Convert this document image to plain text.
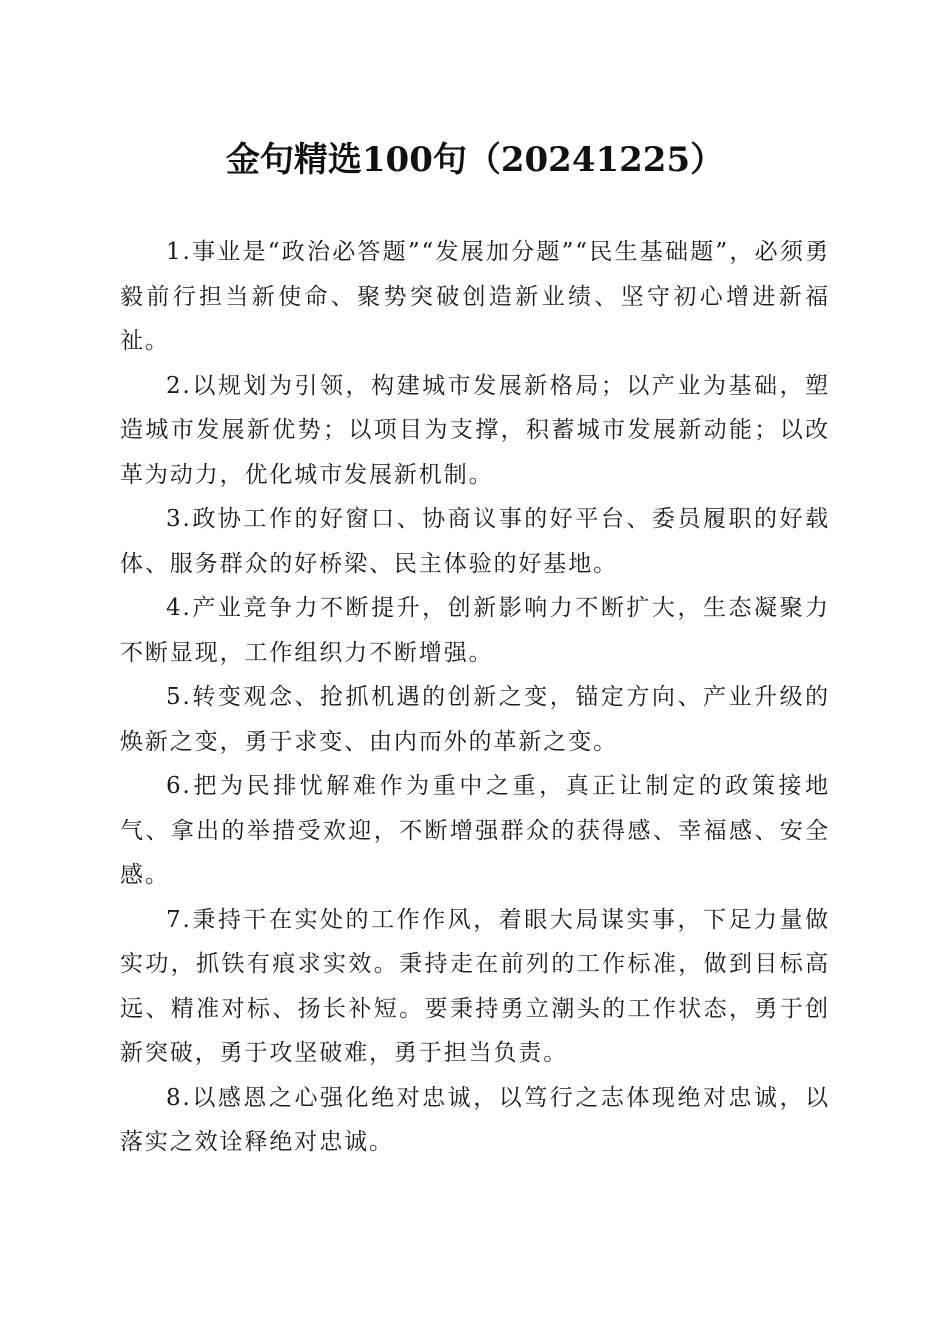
金句精选100句（20241225）

1.事业是“政治必答题”“发展加分题”“民生基础题”，必须勇毅前行担当新使命、聚势突破创造新业绩、坚守初心增进新福祉。

2.以规划为引领，构建城市发展新格局；以产业为基础，塑造城市发展新优势；以项目为支撑，积蓄城市发展新动能；以改革为动力，优化城市发展新机制。

3.政协工作的好窗口、协商议事的好平台、委员履职的好载体、服务群众的好桥梁、民主体验的好基地。

4.产业竞争力不断提升，创新影响力不断扩大，生态凝聚力不断显现，工作组织力不断增强。

5.转变观念、抢抓机遇的创新之变，锚定方向、产业升级的焕新之变，勇于求变、由内而外的革新之变。

6.把为民排忧解难作为重中之重，真正让制定的政策接地气、拿出的举措受欢迎，不断增强群众的获得感、幸福感、安全感。

7.秉持干在实处的工作作风，着眼大局谋实事，下足力量做实功，抓铁有痕求实效。秉持走在前列的工作标准，做到目标高远、精准对标、扬长补短。要秉持勇立潮头的工作状态，勇于创新突破，勇于攻坚破难，勇于担当负责。

8.以感恩之心强化绝对忠诚，以笃行之志体现绝对忠诚，以落实之效诠释绝对忠诚。
